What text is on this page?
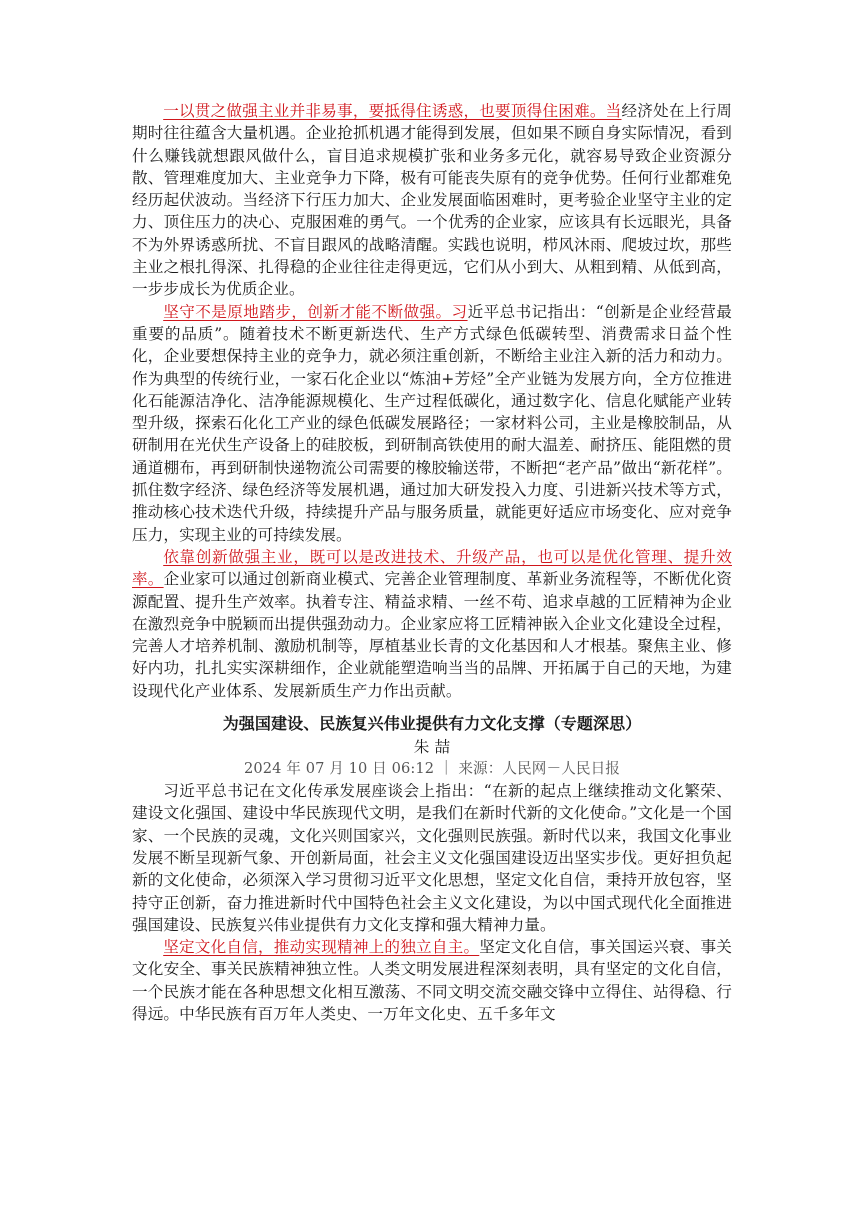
一以贯之做强主业并非易事，要抵得住诱惑，也要顶得住困难。当经济处在上行周期时往往蕴含大量机遇。企业抢抓机遇才能得到发展，但如果不顾自身实际情况，看到什么赚钱就想跟风做什么，盲目追求规模扩张和业务多元化，就容易导致企业资源分散、管理难度加大、主业竞争力下降，极有可能丧失原有的竞争优势。任何行业都难免经历起伏波动。当经济下行压力加大、企业发展面临困难时，更考验企业坚守主业的定力、顶住压力的决心、克服困难的勇气。一个优秀的企业家，应该具有长远眼光，具备不为外界诱惑所扰、不盲目跟风的战略清醒。实践也说明，栉风沐雨、爬坡过坎，那些主业之根扎得深、扎得稳的企业往往走得更远，它们从小到大、从粗到精、从低到高，一步步成长为优质企业。

坚守不是原地踏步，创新才能不断做强。习近平总书记指出：“创新是企业经营最重要的品质”。随着技术不断更新迭代、生产方式绿色低碳转型、消费需求日益个性化，企业要想保持主业的竞争力，就必须注重创新，不断给主业注入新的活力和动力。作为典型的传统行业，一家石化企业以“炼油+芳烃”全产业链为发展方向，全方位推进化石能源洁净化、洁净能源规模化、生产过程低碳化，通过数字化、信息化赋能产业转型升级，探索石化化工产业的绿色低碳发展路径；一家材料公司，主业是橡胶制品，从研制用在光伏生产设备上的硅胶板，到研制高铁使用的耐大温差、耐挤压、能阻燃的贯通道棚布，再到研制快递物流公司需要的橡胶输送带，不断把“老产品”做出“新花样”。抓住数字经济、绿色经济等发展机遇，通过加大研发投入力度、引进新兴技术等方式，推动核心技术迭代升级，持续提升产品与服务质量，就能更好适应市场变化、应对竞争压力，实现主业的可持续发展。

依靠创新做强主业，既可以是改进技术、升级产品，也可以是优化管理、提升效率。企业家可以通过创新商业模式、完善企业管理制度、革新业务流程等，不断优化资源配置、提升生产效率。执着专注、精益求精、一丝不苟、追求卓越的工匠精神为企业在激烈竞争中脱颖而出提供强劲动力。企业家应将工匠精神嵌入企业文化建设全过程，完善人才培养机制、激励机制等，厚植基业长青的文化基因和人才根基。聚焦主业、修好内功，扎扎实实深耕细作，企业就能塑造响当当的品牌、开拓属于自己的天地，为建设现代化产业体系、发展新质生产力作出贡献。

为强国建设、民族复兴伟业提供有力文化支撑（专题深思）

朱 喆

2024 年 07 月 10 日 06:12 ｜ 来源：人民网－人民日报

习近平总书记在文化传承发展座谈会上指出：“在新的起点上继续推动文化繁荣、建设文化强国、建设中华民族现代文明，是我们在新时代新的文化使命。”文化是一个国家、一个民族的灵魂，文化兴则国家兴，文化强则民族强。新时代以来，我国文化事业发展不断呈现新气象、开创新局面，社会主义文化强国建设迈出坚实步伐。更好担负起新的文化使命，必须深入学习贯彻习近平文化思想，坚定文化自信，秉持开放包容，坚持守正创新，奋力推进新时代中国特色社会主义文化建设，为以中国式现代化全面推进强国建设、民族复兴伟业提供有力文化支撑和强大精神力量。

坚定文化自信，推动实现精神上的独立自主。坚定文化自信，事关国运兴衰、事关文化安全、事关民族精神独立性。人类文明发展进程深刻表明，具有坚定的文化自信，一个民族才能在各种思想文化相互激荡、不同文明交流交融交锋中立得住、站得稳、行得远。中华民族有百万年人类史、一万年文化史、五千多年文
